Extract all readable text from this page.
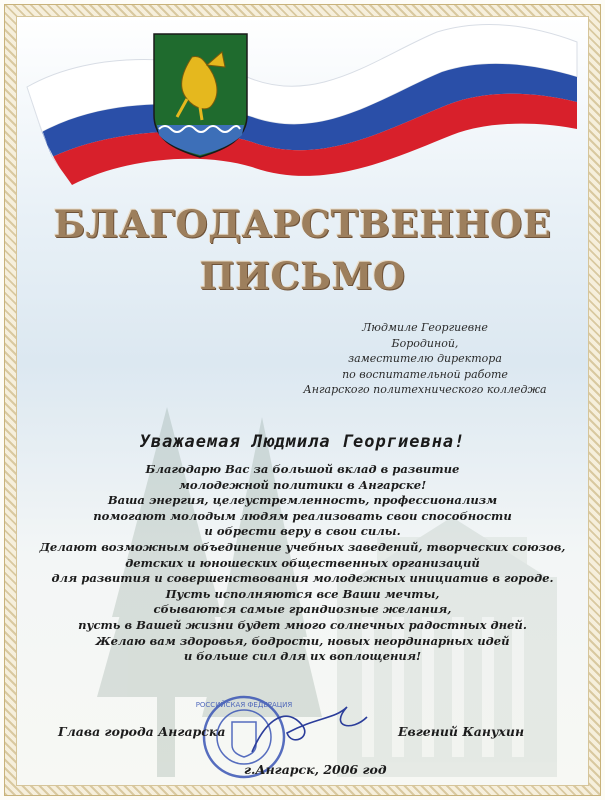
РОССИЙСКАЯ ФЕДЕРАЦИЯ
БЛАГОДАРСТВЕННОЕ
ПИСЬМО
Людмиле Георгиевне
Бородиной,
заместителю директора
по воспитательной работе
Ангарского политехнического колледжа
Уважаемая Людмила Георгиевна!
Благодарю Вас за большой вклад в развитие
молодежной политики в Ангарске!
Ваша энергия, целеустремленность, профессионализм
помогают молодым людям реализовать свои способности
и обрести веру в свои силы.
Делают возможным объединение учебных заведений, творческих союзов,
детских и юношеских общественных организаций
для развития и совершенствования молодежных инициатив в городе.
Пусть исполняются все Ваши мечты,
сбываются самые грандиозные желания,
пусть в Вашей жизни будет много солнечных радостных дней.
Желаю вам здоровья, бодрости, новых неординарных идей
и больше сил для их воплощения!
Глава города Ангарска	Евгений Канухин
г.Ангарск, 2006 год
